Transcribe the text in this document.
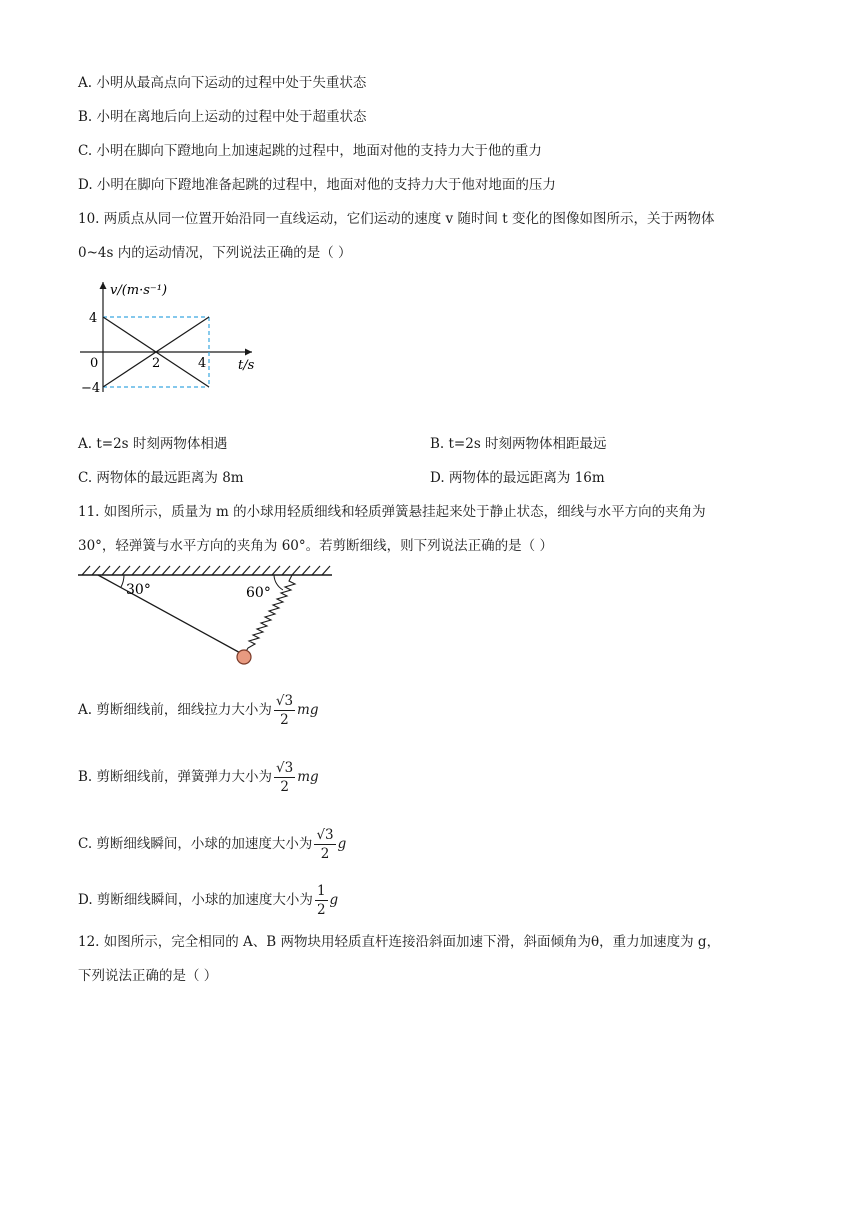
A. 小明从最高点向下运动的过程中处于失重状态
B. 小明在离地后向上运动的过程中处于超重状态
C. 小明在脚向下蹬地向上加速起跳的过程中，地面对他的支持力大于他的重力
D. 小明在脚向下蹬地准备起跳的过程中，地面对他的支持力大于他对地面的压力
10. 两质点从同一位置开始沿同一直线运动，它们运动的速度 v 随时间 t 变化的图像如图所示，关于两物体
0~4s 内的运动情况，下列说法正确的是（ ）
v/(m·s⁻¹)
t/s
0	2	4
4
−4
A. t=2s 时刻两物体相遇	B. t=2s 时刻两物体相距最远
C. 两物体的最远距离为 8m	D. 两物体的最远距离为 16m
11. 如图所示，质量为 m 的小球用轻质细线和轻质弹簧悬挂起来处于静止状态，细线与水平方向的夹角为
30°，轻弹簧与水平方向的夹角为 60°。若剪断细线，则下列说法正确的是（ ）
30°	60°
A. 剪断细线前，细线拉力大小为 $\frac{√3}{2}$ mg
B. 剪断细线前，弹簧弹力大小为 $\frac{√3}{2}$ mg
C. 剪断细线瞬间，小球的加速度大小为 $\frac{√3}{2}$ g
D. 剪断细线瞬间，小球的加速度大小为 $\frac{1}{2}$ g
12. 如图所示，完全相同的 A、B 两物块用轻质直杆连接沿斜面加速下滑，斜面倾角为θ，重力加速度为 g，
下列说法正确的是（ ）
